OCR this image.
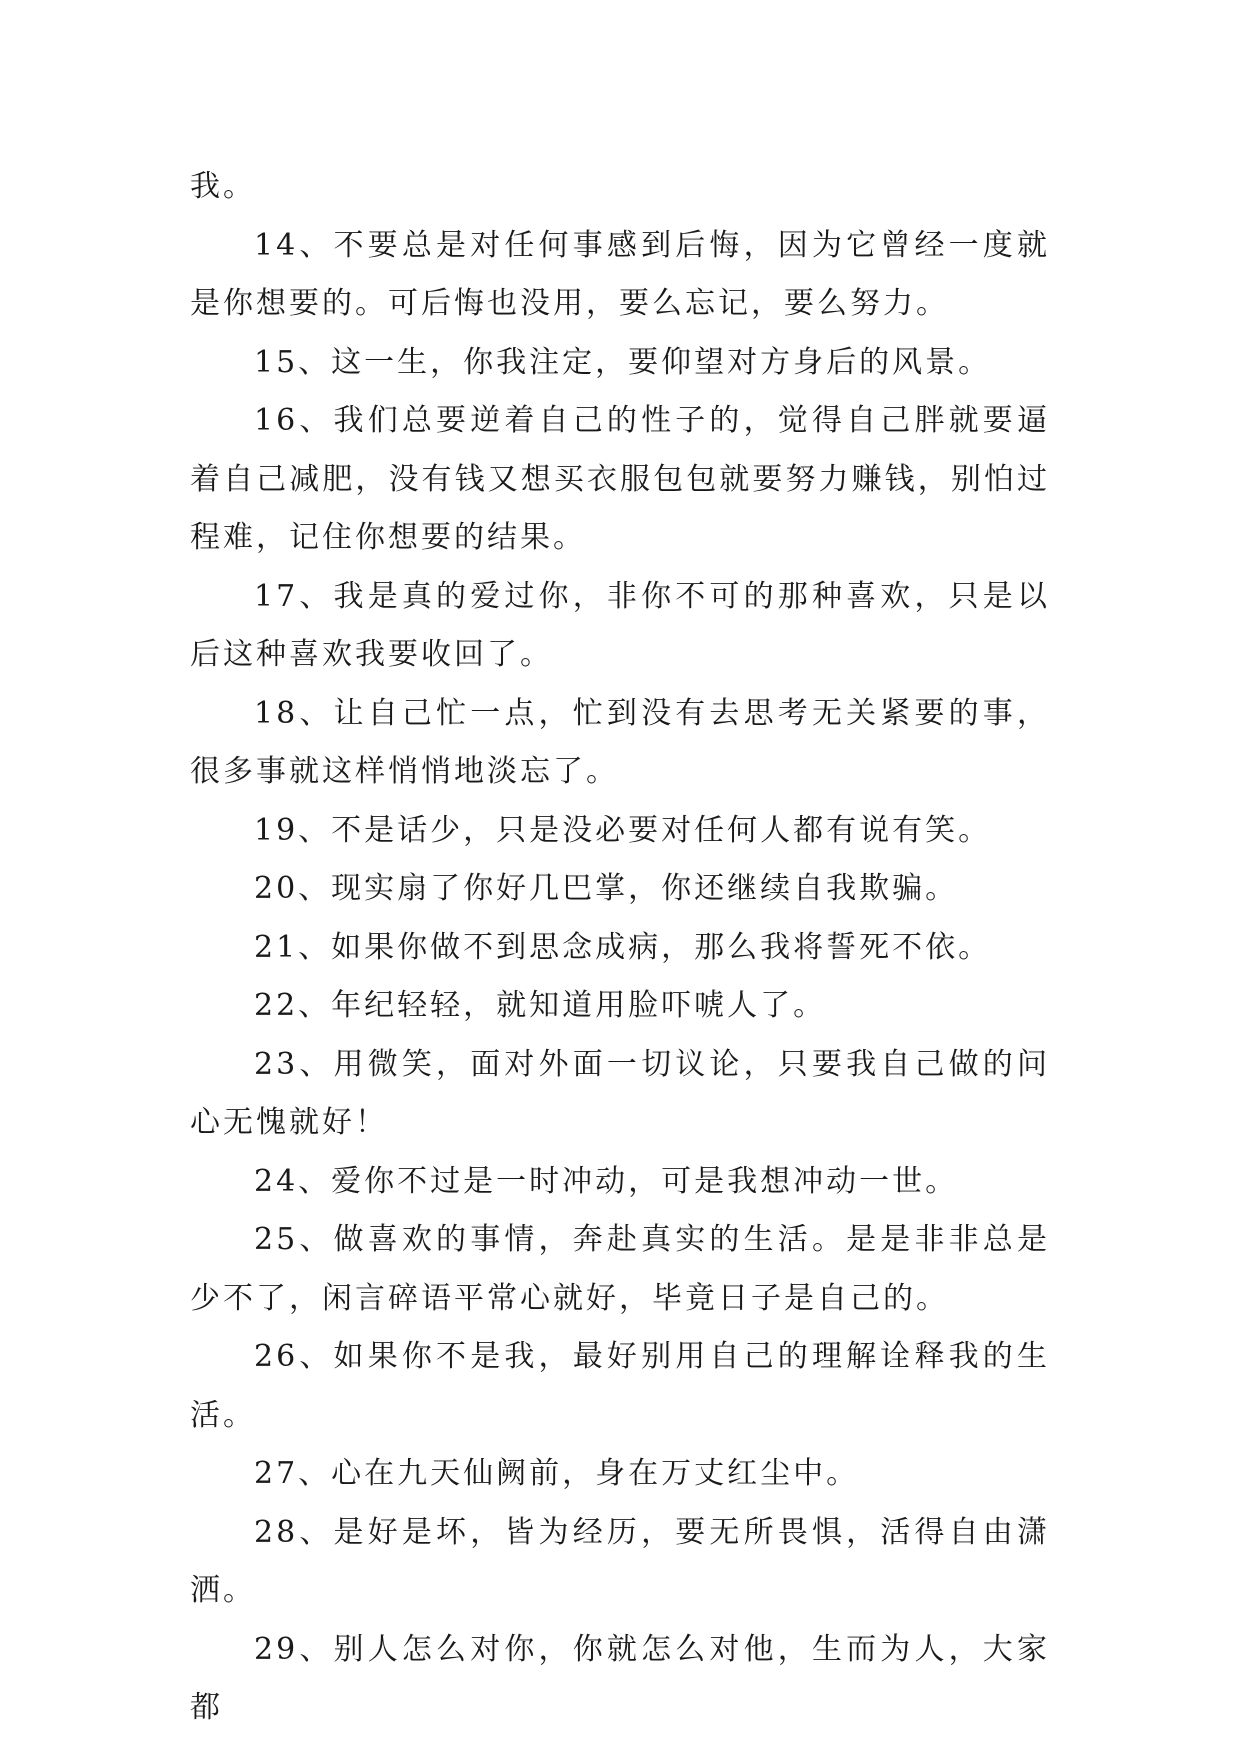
我。

14、不要总是对任何事感到后悔，因为它曾经一度就是你想要的。可后悔也没用，要么忘记，要么努力。

15、这一生，你我注定，要仰望对方身后的风景。

16、我们总要逆着自己的性子的，觉得自己胖就要逼着自己减肥，没有钱又想买衣服包包就要努力赚钱，别怕过程难，记住你想要的结果。

17、我是真的爱过你，非你不可的那种喜欢，只是以后这种喜欢我要收回了。

18、让自己忙一点，忙到没有去思考无关紧要的事，很多事就这样悄悄地淡忘了。

19、不是话少，只是没必要对任何人都有说有笑。

20、现实扇了你好几巴掌，你还继续自我欺骗。

21、如果你做不到思念成病，那么我将誓死不依。

22、年纪轻轻，就知道用脸吓唬人了。

23、用微笑，面对外面一切议论，只要我自己做的问心无愧就好！

24、爱你不过是一时冲动，可是我想冲动一世。

25、做喜欢的事情，奔赴真实的生活。是是非非总是少不了，闲言碎语平常心就好，毕竟日子是自己的。

26、如果你不是我，最好别用自己的理解诠释我的生活。

27、心在九天仙阙前，身在万丈红尘中。

28、是好是坏，皆为经历，要无所畏惧，活得自由潇洒。

29、别人怎么对你，你就怎么对他，生而为人，大家都
